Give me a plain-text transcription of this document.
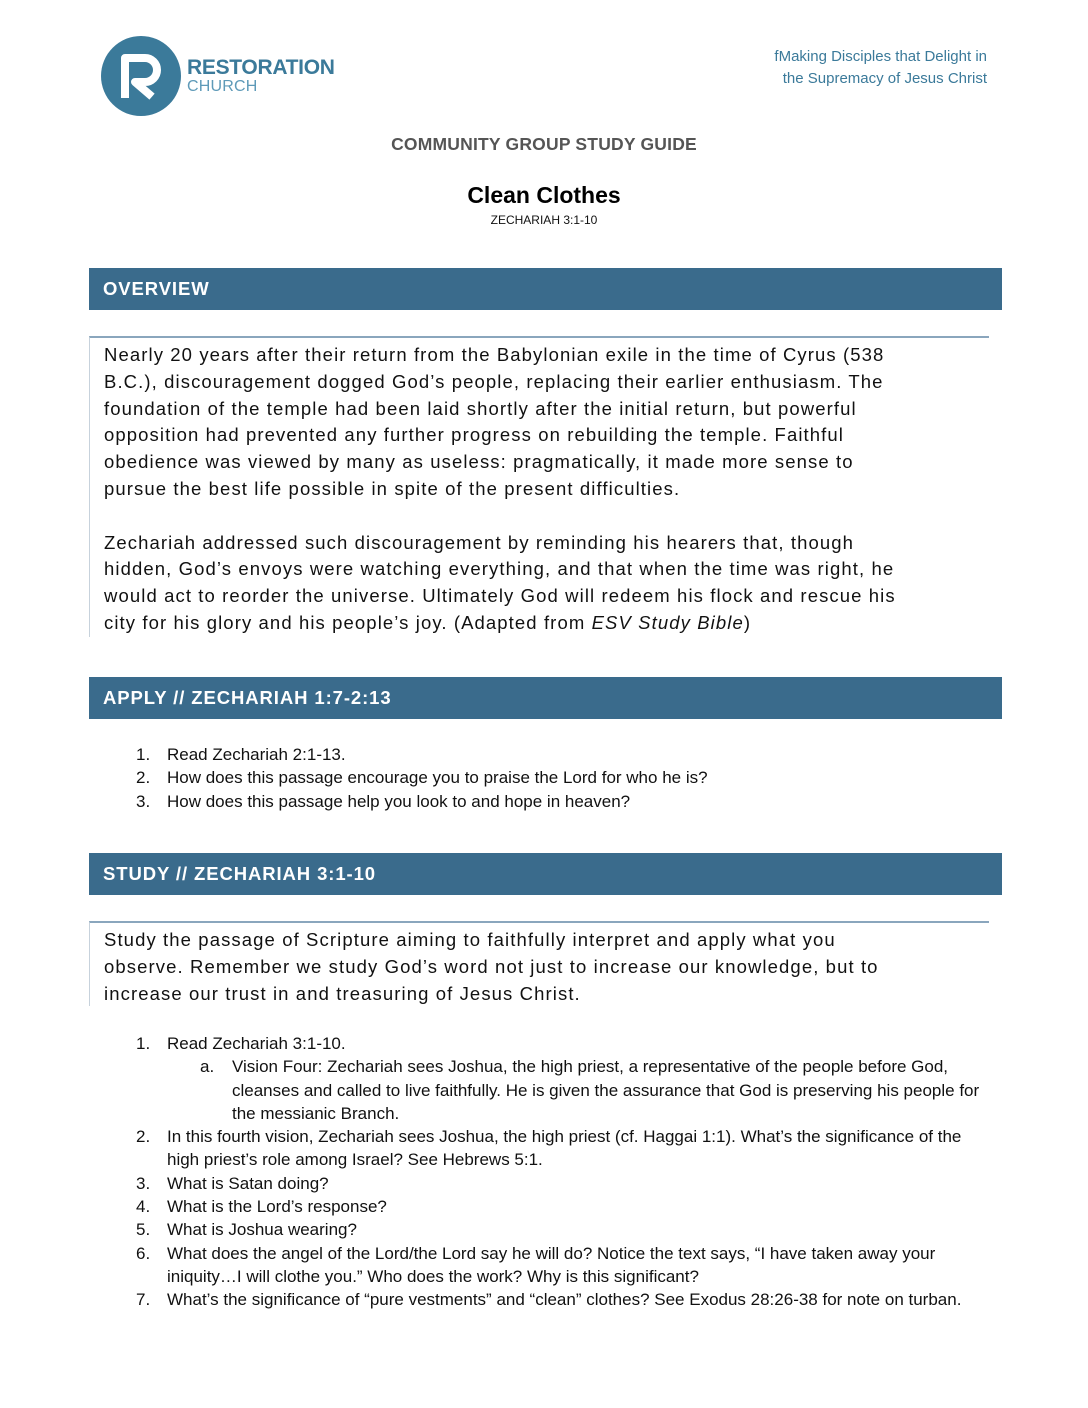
RESTORATION
CHURCH
fMaking Disciples that Delight in
the Supremacy of Jesus Christ
COMMUNITY GROUP STUDY GUIDE
Clean Clothes
ZECHARIAH 3:1-10
OVERVIEW

Nearly 20 years after their return from the Babylonian exile in the time of Cyrus (538
B.C.), discouragement dogged God’s people, replacing their earlier enthusiasm. The
foundation of the temple had been laid shortly after the initial return, but powerful
opposition had prevented any further progress on rebuilding the temple. Faithful
obedience was viewed by many as useless: pragmatically, it made more sense to
pursue the best life possible in spite of the present difficulties.

Zechariah addressed such discouragement by reminding his hearers that, though
hidden, God’s envoys were watching everything, and that when the time was right, he
would act to reorder the universe. Ultimately God will redeem his flock and rescue his
city for his glory and his people’s joy. (Adapted from ESV Study Bible)

APPLY // ZECHARIAH 1:7-2:13
1. Read Zechariah 2:1-13.
2. How does this passage encourage you to praise the Lord for who he is?
3. How does this passage help you look to and hope in heaven?
STUDY // ZECHARIAH 3:1-10

Study the passage of Scripture aiming to faithfully interpret and apply what you
observe. Remember we study God’s word not just to increase our knowledge, but to
increase our trust in and treasuring of Jesus Christ.

1. Read Zechariah 3:1-10.
a.	Vision Four: Zechariah sees Joshua, the high priest, a representative of the people before God, cleanses and called to live faithfully. He is given the assurance that God is preserving his people for the messianic Branch.
2. In this fourth vision, Zechariah sees Joshua, the high priest (cf. Haggai 1:1). What’s the significance of the high priest’s role among Israel? See Hebrews 5:1.
3. What is Satan doing?
4. What is the Lord’s response?
5. What is Joshua wearing?
6. What does the angel of the Lord/the Lord say he will do? Notice the text says, “I have taken away your iniquity…I will clothe you.” Who does the work? Why is this significant?
7. What’s the significance of “pure vestments” and “clean” clothes? See Exodus 28:26-38 for note on turban.
